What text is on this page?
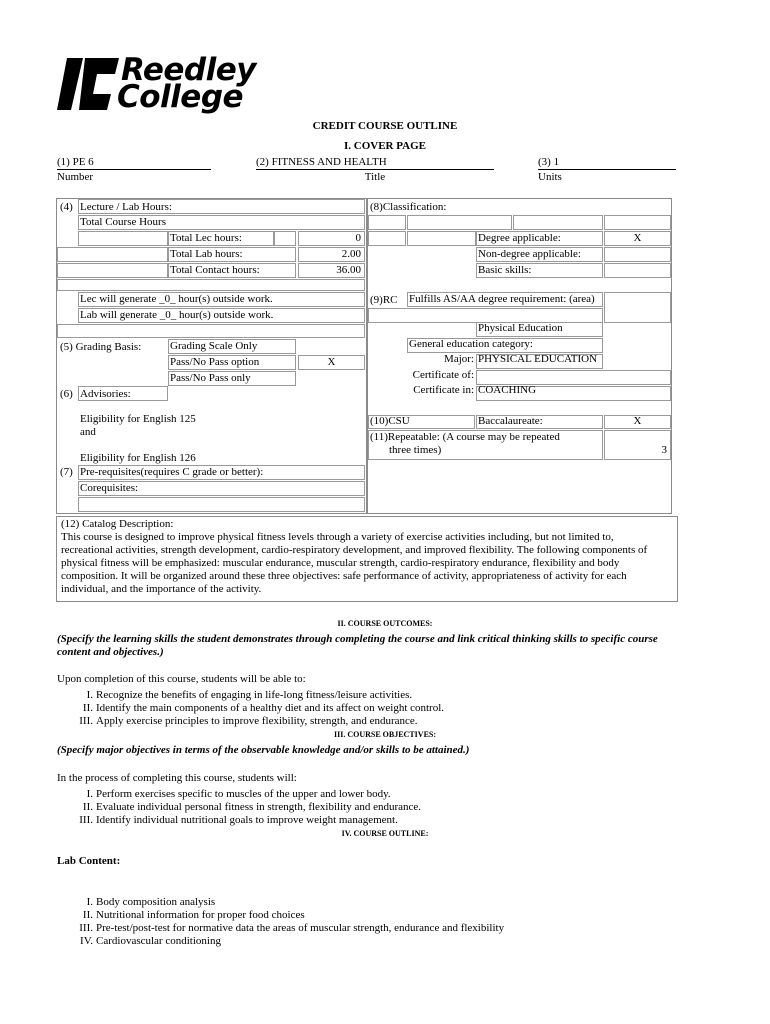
Reedley
College
CREDIT COURSE OUTLINE
I. COVER PAGE
(1) PE 6
Number
(2) FITNESS AND HEALTH
Title
(3) 1
Units
(4) Lecture / Lab Hours:
Total Course Hours
Total Lec hours:	0
Total Lab hours:	2.00
Total Contact hours:	36.00
Lec will generate _0_ hour(s) outside work.
Lab will generate _0_ hour(s) outside work.
(5) Grading Basis:	Grading Scale Only
Pass/No Pass option	X
Pass/No Pass only
(6) Advisories:
Eligibility for English 125
and
Eligibility for English 126
(7) Pre-requisites(requires C grade or better):
Corequisites:
(8)Classification:
Degree applicable:	X
Non-degree applicable:
Basic skills:
(9)RC Fulfills AS/AA degree requirement: (area)
Physical Education
General education category:
Major: PHYSICAL EDUCATION
Certificate of:
Certificate in: COACHING
(10)CSU	Baccalaureate:	X
(11)Repeatable: (A course may be repeated
three times)	3
(12) Catalog Description:
This course is designed to improve physical fitness levels through a variety of exercise activities including, but not limited to,
recreational activities, strength development, cardio-respiratory development, and improved flexibility. The following components of
physical fitness will be emphasized: muscular endurance, muscular strength, cardio-respiratory endurance, flexibility and body
composition. It will be organized around these three objectives: safe performance of activity, appropriateness of activity for each
individual, and the importance of the activity.
II. COURSE OUTCOMES:
(Specify the learning skills the student demonstrates through completing the course and link critical thinking skills to specific course
content and objectives.)
Upon completion of this course, students will be able to:
I. Recognize the benefits of engaging in life-long fitness/leisure activities.
II. Identify the main components of a healthy diet and its affect on weight control.
III. Apply exercise principles to improve flexibility, strength, and endurance.
III. COURSE OBJECTIVES:
(Specify major objectives in terms of the observable knowledge and/or skills to be attained.)
In the process of completing this course, students will:
I. Perform exercises specific to muscles of the upper and lower body.
II. Evaluate individual personal fitness in strength, flexibility and endurance.
III. Identify individual nutritional goals to improve weight management.
IV. COURSE OUTLINE:
Lab Content:
I. Body composition analysis
II. Nutritional information for proper food choices
III. Pre-test/post-test for normative data the areas of muscular strength, endurance and flexibility
IV. Cardiovascular conditioning
